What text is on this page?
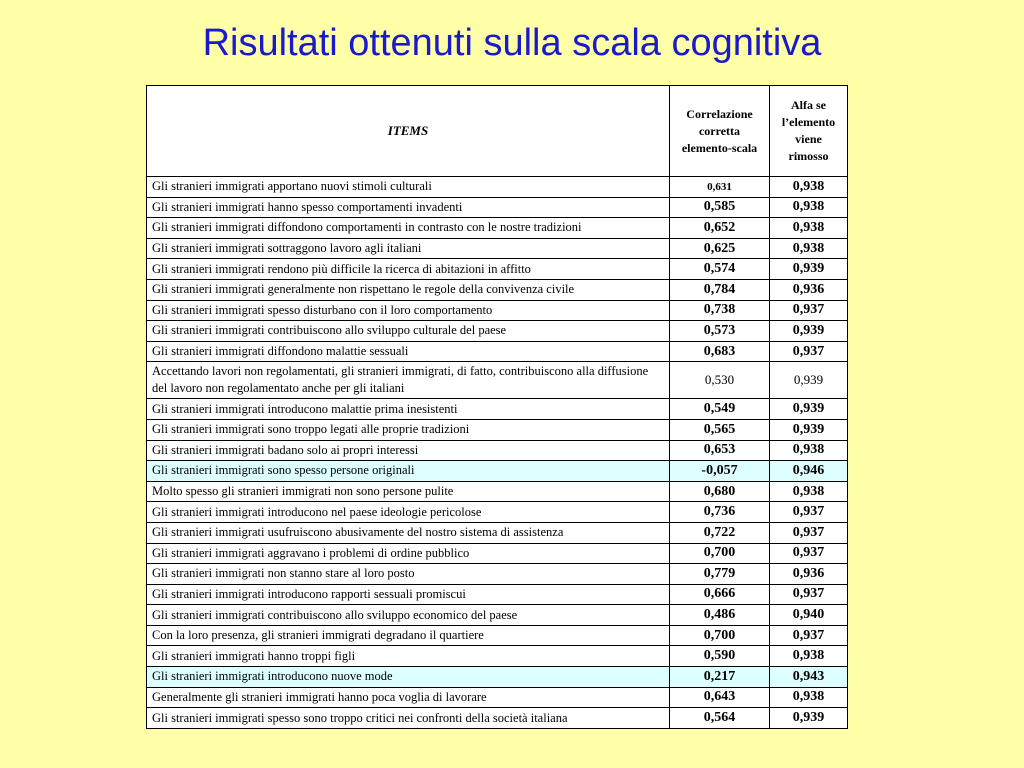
Risultati ottenuti sulla scala cognitiva
ITEMS	Correlazione corretta elemento-scala	Alfa se l’elemento viene rimosso
Gli stranieri immigrati apportano nuovi stimoli culturali	0,631	0,938
Gli stranieri immigrati hanno spesso comportamenti invadenti	0,585	0,938
Gli stranieri immigrati diffondono comportamenti in contrasto con le nostre tradizioni	0,652	0,938
Gli stranieri immigrati sottraggono lavoro agli italiani	0,625	0,938
Gli stranieri immigrati rendono più difficile la ricerca di abitazioni in affitto	0,574	0,939
Gli stranieri immigrati generalmente non rispettano le regole della convivenza civile	0,784	0,936
Gli stranieri immigrati spesso disturbano con il loro comportamento	0,738	0,937
Gli stranieri immigrati contribuiscono allo sviluppo culturale del paese	0,573	0,939
Gli stranieri immigrati diffondono malattie sessuali	0,683	0,937
Accettando lavori non regolamentati, gli stranieri immigrati, di fatto, contribuiscono alla diffusione del lavoro non regolamentato anche per gli italiani	0,530	0,939
Gli stranieri immigrati introducono malattie prima inesistenti	0,549	0,939
Gli stranieri immigrati sono troppo legati alle proprie tradizioni	0,565	0,939
Gli stranieri immigrati badano solo ai propri interessi	0,653	0,938
Gli stranieri immigrati sono spesso persone originali	-0,057	0,946
Molto spesso gli stranieri immigrati non sono persone pulite	0,680	0,938
Gli stranieri immigrati introducono nel paese ideologie pericolose	0,736	0,937
Gli stranieri immigrati usufruiscono abusivamente del nostro sistema di assistenza	0,722	0,937
Gli stranieri immigrati aggravano i problemi di ordine pubblico	0,700	0,937
Gli stranieri immigrati non stanno stare al loro posto	0,779	0,936
Gli stranieri immigrati introducono rapporti sessuali promiscui	0,666	0,937
Gli stranieri immigrati contribuiscono allo sviluppo economico del paese	0,486	0,940
Con la loro presenza, gli stranieri immigrati degradano il quartiere	0,700	0,937
Gli stranieri immigrati hanno troppi figli	0,590	0,938
Gli stranieri immigrati introducono nuove mode	0,217	0,943
Generalmente gli stranieri immigrati hanno poca voglia di lavorare	0,643	0,938
Gli stranieri immigrati spesso sono troppo critici nei confronti della società italiana	0,564	0,939
